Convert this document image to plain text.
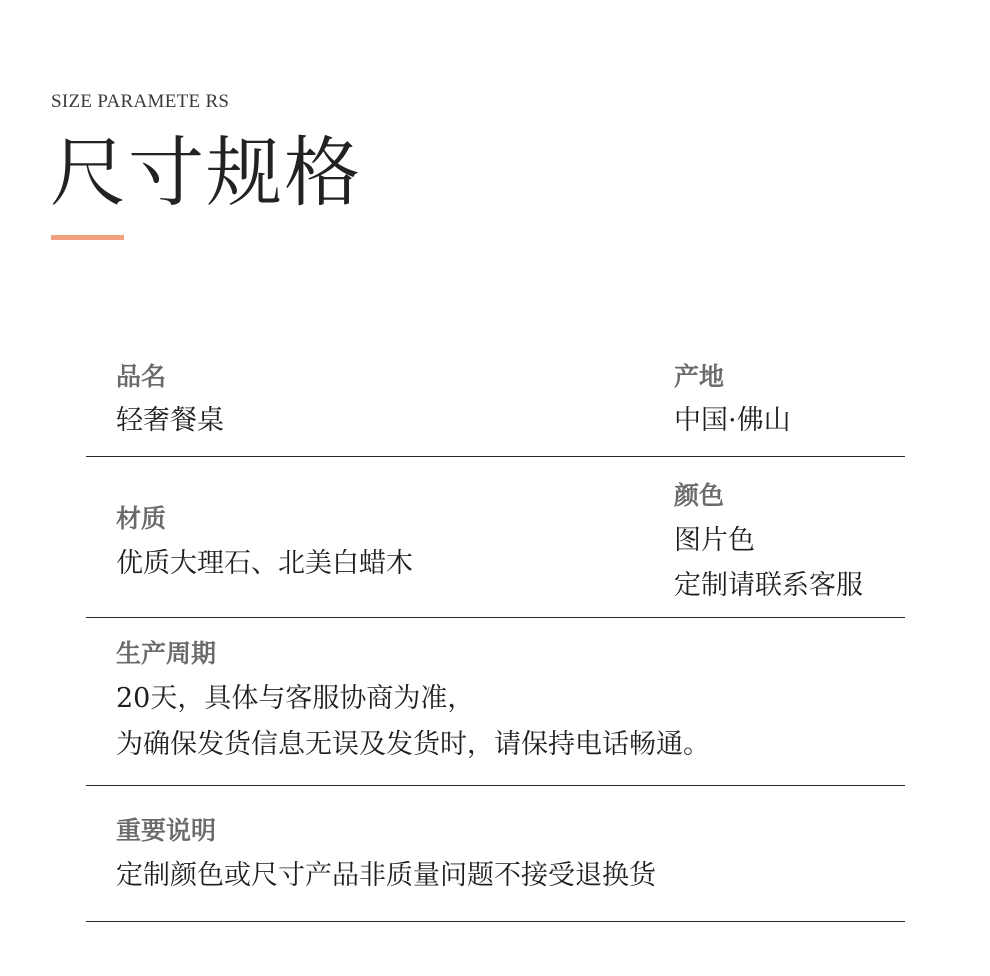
SIZE PARAMETE RS
尺寸规格
品名
轻奢餐桌
产地
中国·佛山
材质
优质大理石、北美白蜡木
颜色
图片色
定制请联系客服
生产周期
20天，具体与客服协商为准，
为确保发货信息无误及发货时，请保持电话畅通。
重要说明
定制颜色或尺寸产品非质量问题不接受退换货
